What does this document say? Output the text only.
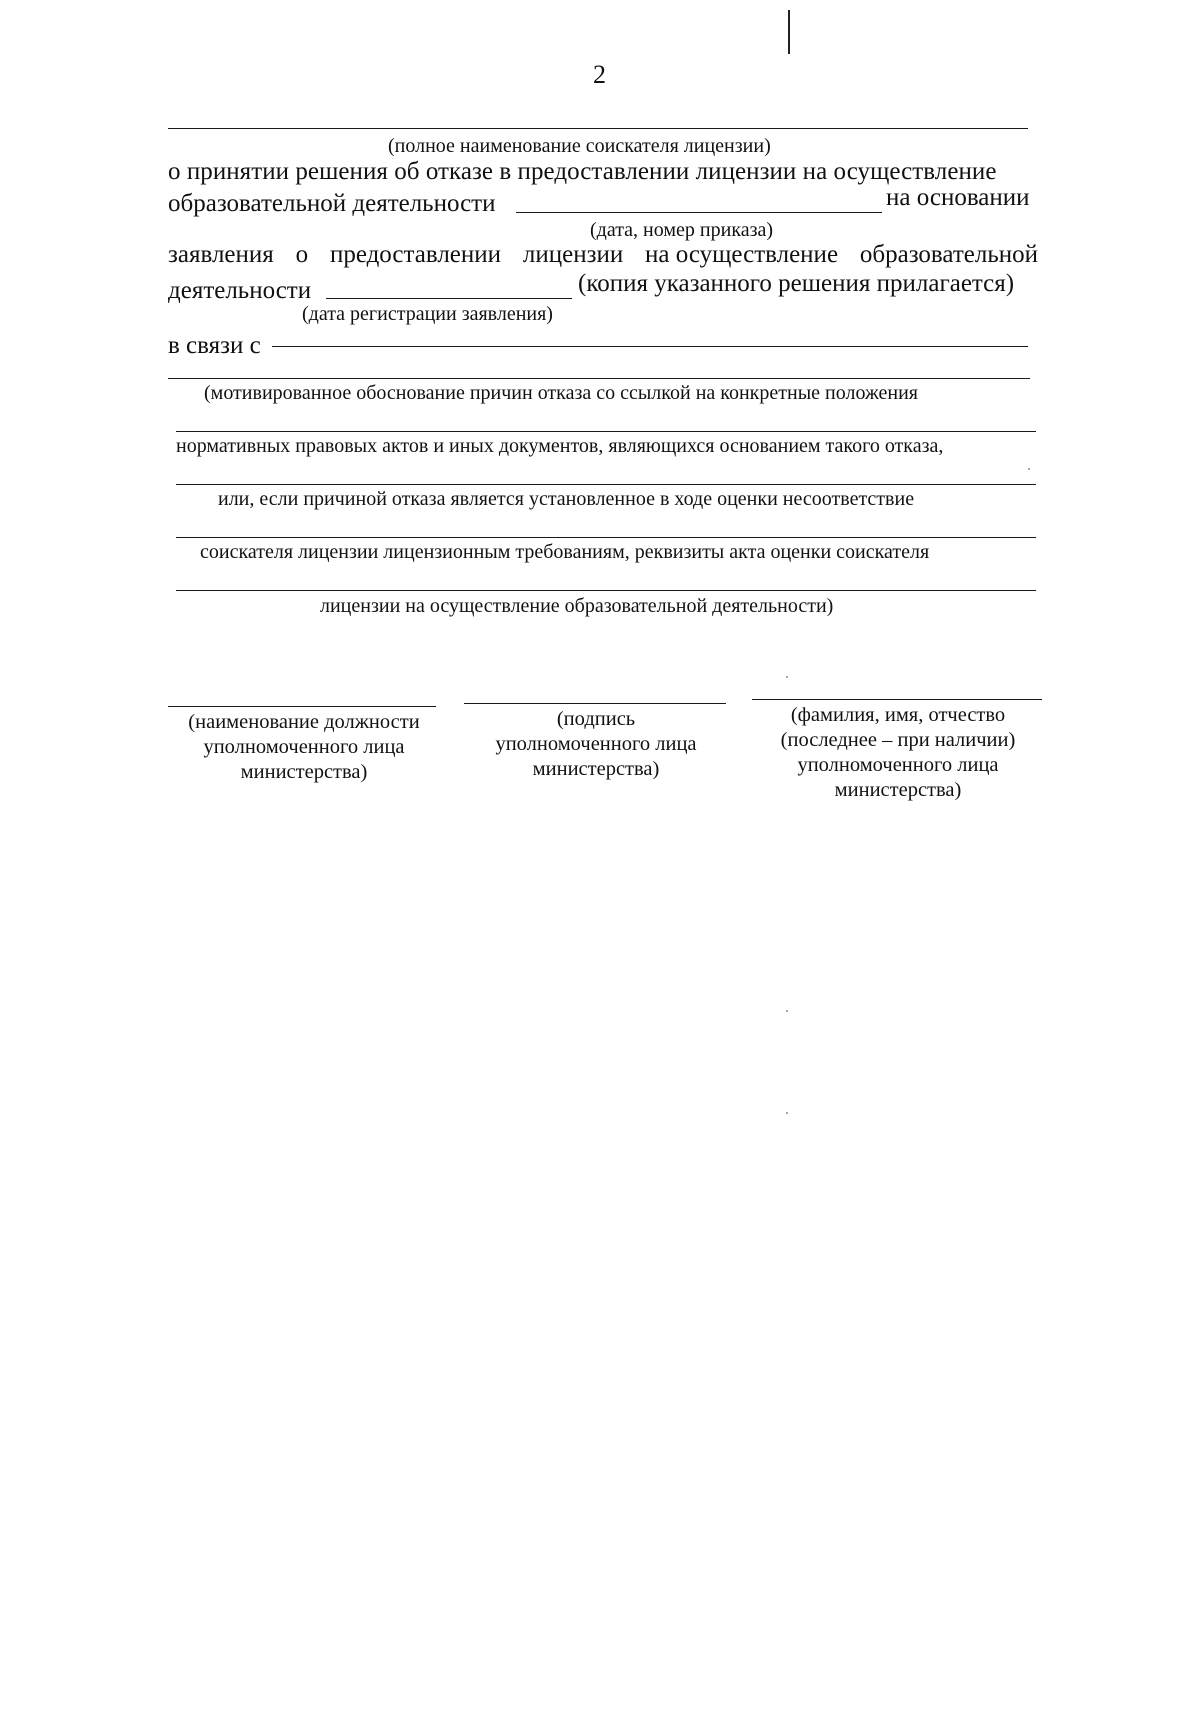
2
(полное наименование соискателя лицензии)
о принятии решения об отказе в предоставлении лицензии на осуществление
образовательной деятельности	на основании
(дата, номер приказа)
заявления о предоставлении лицензии на осуществление образовательной
деятельности	(копия указанного решения прилагается)
(дата регистрации заявления)
в связи с
(мотивированное обоснование причин отказа со ссылкой на конкретные положения
нормативных правовых актов и иных документов, являющихся основанием такого отказа,
или, если причиной отказа является установленное в ходе оценки несоответствие
соискателя лицензии лицензионным требованиям, реквизиты акта оценки соискателя
лицензии на осуществление образовательной деятельности)
(наименование должности
уполномоченного лица
министерства)
(подпись
уполномоченного лица
министерства)
(фамилия, имя, отчество
(последнее – при наличии)
уполномоченного лица
министерства)
